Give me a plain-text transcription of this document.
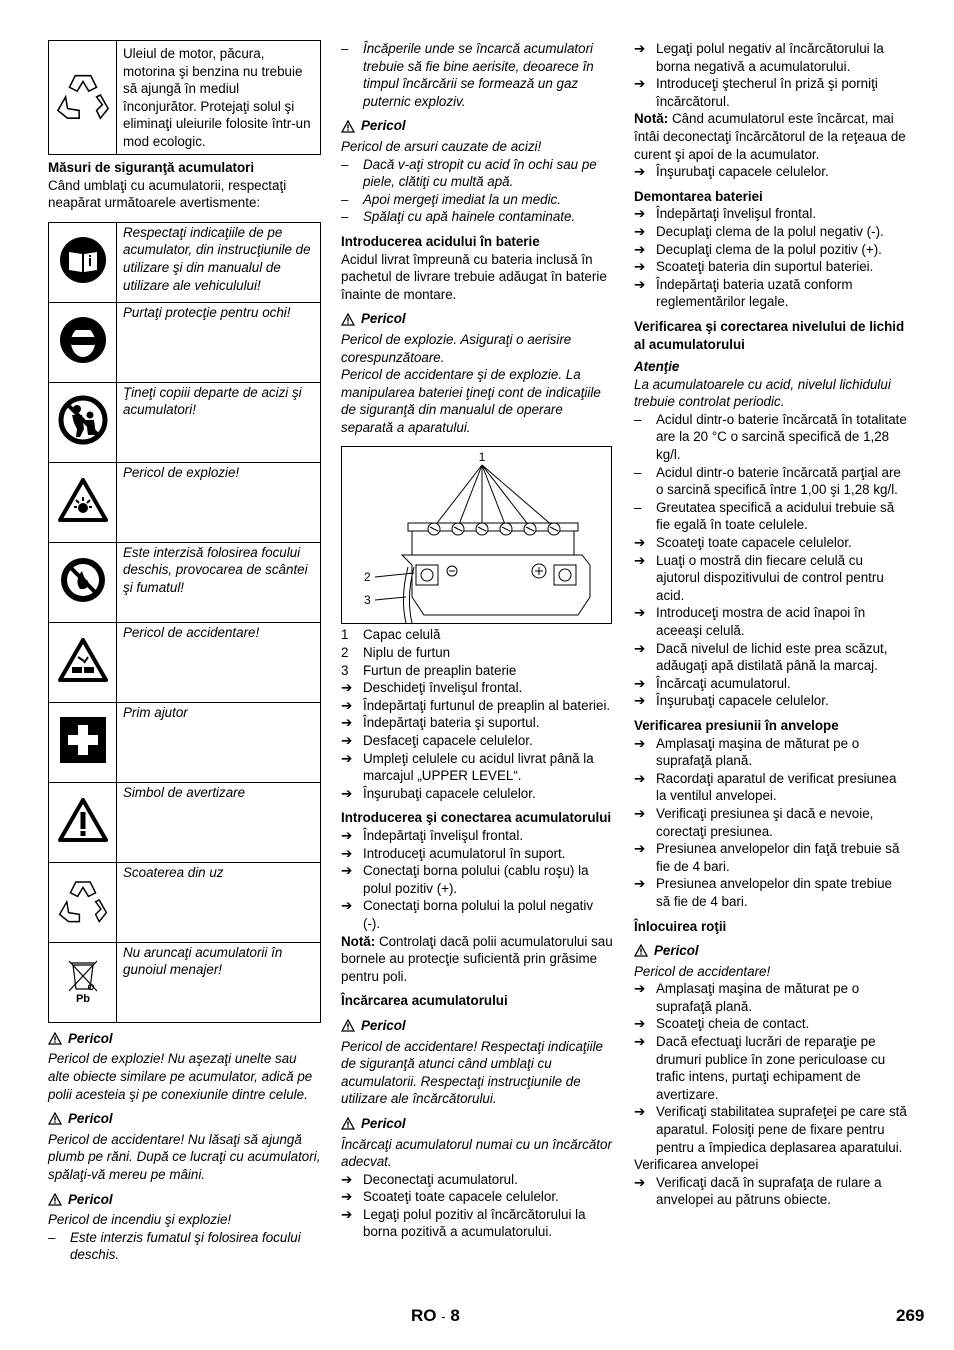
	Uleiul de motor, păcura, motorina şi benzina nu trebuie să ajungă în mediul înconjurător. Protejaţi solul şi eliminaţi uleiurile folosite într-un mod ecologic.

Măsuri de siguranţă acumulatori

Când umblaţi cu acumulatorii, respectaţi neapărat următoarele avertismente:

	Respectaţi indicaţiile de pe acumulator, din instrucţiunile de utilizare şi din manualul de utilizare ale vehiculului!
	Purtaţi protecţie pentru ochi!
	Ţineţi copiii departe de acizi şi acumulatori!
	Pericol de explozie!
	Este interzisă folosirea focului deschis, provocarea de scântei şi fumatul!
	Pericol de accidentare!
	Prim ajutor
	Simbol de avertizare
	Scoaterea din uz

Pb	Nu aruncaţi acumulatorii în gunoiul menajer!
Pericol

Pericol de explozie! Nu aşezaţi unelte sau alte obiecte similare pe acumulator, adică pe polii acesteia şi pe conexiunile dintre celule.

Pericol

Pericol de accidentare! Nu lăsaţi să ajungă plumb pe răni. După ce lucraţi cu acumulatori, spălaţi-vă mereu pe mâini.

Pericol

Pericol de incendiu şi explozie!

– Este interzis fumatul şi folosirea focului deschis.
– Încăperile unde se încarcă acumulatori trebuie să fie bine aerisite, deoarece în timpul încărcării se formează un gaz puternic exploziv.
Pericol

Pericol de arsuri cauzate de acizi!

– Dacă v-aţi stropit cu acid în ochi sau pe piele, clătiţi cu multă apă.
– Apoi mergeţi imediat la un medic.
– Spălaţi cu apă hainele contaminate.

Introducerea acidului în baterie

Acidul livrat împreună cu bateria inclusă în pachetul de livrare trebuie adăugat în baterie înainte de montare.

Pericol

Pericol de explozie. Asiguraţi o aerisire corespunzătoare.

Pericol de accidentare şi de explozie. La manipularea bateriei ţineţi cont de indicaţiile de siguranţă din manualul de operare separată a aparatului.

1
2
3
1	Capac celulă
2	Niplu de furtun
3	Furtun de preaplin baterie
➔ Deschideţi învelişul frontal.
➔ Îndepărtaţi furtunul de preaplin al bateriei.
➔ Îndepărtaţi bateria şi suportul.
➔ Desfaceţi capacele celulelor.
➔ Umpleţi celulele cu acidul livrat până la marcajul „UPPER LEVEL“.
➔ Înşurubaţi capacele celulelor.

Introducerea şi conectarea acumulatorului

➔ Îndepărtaţi învelişul frontal.
➔ Introduceţi acumulatorul în suport.
➔ Conectaţi borna polului (cablu roşu) la polul pozitiv (+).
➔ Conectaţi borna polului la polul negativ (-).

Notă: Controlaţi dacă polii acumulatorului sau bornele au protecţie suficientă prin grăsime pentru poli.

Încărcarea acumulatorului

Pericol

Pericol de accidentare! Respectaţi indicaţiile de siguranţă atunci când umblaţi cu acumulatorii. Respectaţi instrucţiunile de utilizare ale încărcătorului.

Pericol

Încărcaţi acumulatorul numai cu un încărcător adecvat.

➔ Deconectaţi acumulatorul.
➔ Scoateţi toate capacele celulelor.
➔ Legaţi polul pozitiv al încărcătorului la borna pozitivă a acumulatorului.
➔ Legaţi polul negativ al încărcătorului la borna negativă a acumulatorului.
➔ Introduceţi ştecherul în priză şi porniţi încărcătorul.

Notă: Când acumulatorul este încărcat, mai întâi deconectaţi încărcătorul de la reţeaua de curent şi apoi de la acumulator.

➔ Înşurubaţi capacele celulelor.

Demontarea bateriei

➔ Îndepărtaţi învelişul frontal.
➔ Decuplaţi clema de la polul negativ (-).
➔ Decuplaţi clema de la polul pozitiv (+).
➔ Scoateţi bateria din suportul bateriei.
➔ Îndepărtaţi bateria uzată conform reglementărilor legale.

Verificarea şi corectarea nivelului de lichid al acumulatorului

Atenţie

La acumulatoarele cu acid, nivelul lichidului trebuie controlat periodic.

– Acidul dintr-o baterie încărcată în totalitate are la 20 °C o sarcină specifică de 1,28 kg/l.
– Acidul dintr-o baterie încărcată parţial are o sarcină specifică între 1,00 şi 1,28 kg/l.
– Greutatea specifică a acidului trebuie să fie egală în toate celulele.
➔ Scoateţi toate capacele celulelor.
➔ Luaţi o mostră din fiecare celulă cu ajutorul dispozitivului de control pentru acid.
➔ Introduceţi mostra de acid înapoi în aceeaşi celulă.
➔ Dacă nivelul de lichid este prea scăzut, adăugaţi apă distilată până la marcaj.
➔ Încărcaţi acumulatorul.
➔ Înşurubaţi capacele celulelor.

Verificarea presiunii în anvelope

➔ Amplasaţi maşina de măturat pe o suprafaţă plană.
➔ Racordaţi aparatul de verificat presiunea la ventilul anvelopei.
➔ Verificaţi presiunea şi dacă e nevoie, corectaţi presiunea.
➔ Presiunea anvelopelor din faţă trebuie să fie de 4 bari.
➔ Presiunea anvelopelor din spate trebiue să fie de 4 bari.

Înlocuirea roţii

Pericol

Pericol de accidentare!

➔ Amplasaţi maşina de măturat pe o suprafaţă plană.
➔ Scoateţi cheia de contact.
➔ Dacă efectuaţi lucrări de reparaţie pe drumuri publice în zone periculoase cu trafic intens, purtaţi echipament de avertizare.
➔ Verificaţi stabilitatea suprafeţei pe care stă aparatul. Folosiţi pene de fixare pentru pentru a împiedica deplasarea aparatului.

Verificarea anvelopei

➔ Verificaţi dacă în suprafaţa de rulare a anvelopei au pătruns obiecte.
RO - 8	269
